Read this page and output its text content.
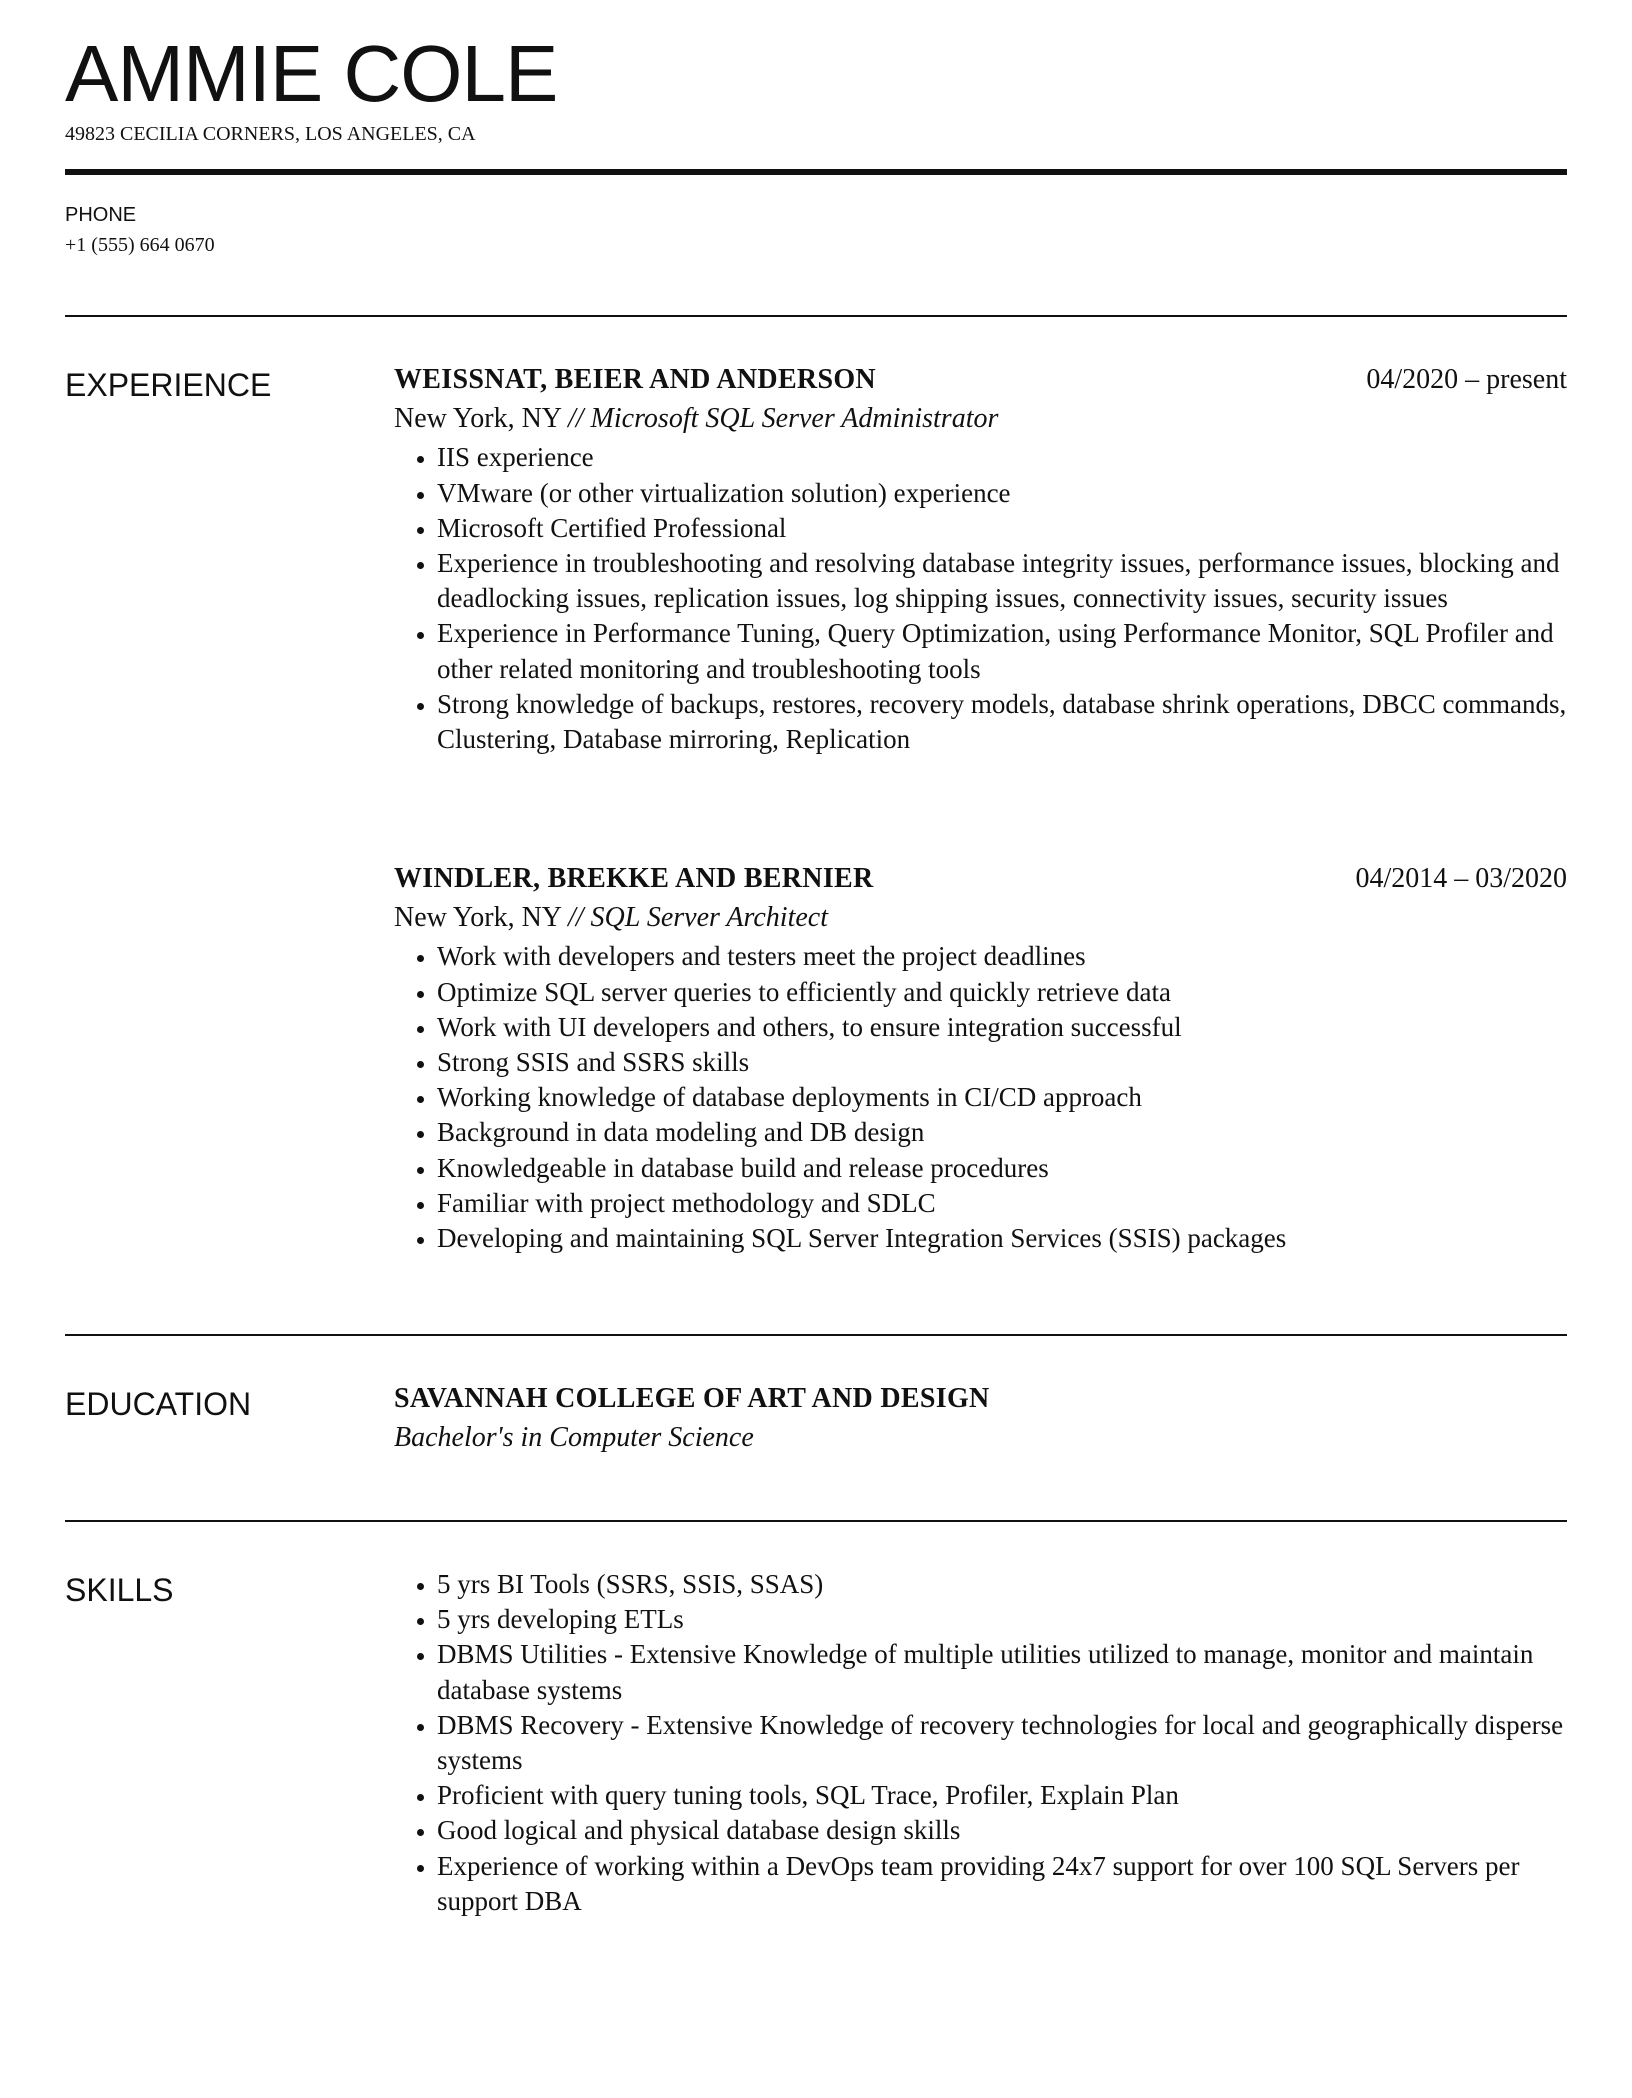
AMMIE COLE
49823 CECILIA CORNERS, LOS ANGELES, CA
PHONE
+1 (555) 664 0670
EXPERIENCE	WEISSNAT, BEIER AND ANDERSON	04/2020 – present
New York, NY // Microsoft SQL Server Administrator
• IIS experience
• VMware (or other virtualization solution) experience
• Microsoft Certified Professional
• Experience in troubleshooting and resolving database integrity issues, performance issues, blocking and deadlocking issues, replication issues, log shipping issues, connectivity issues, security issues
• Experience in Performance Tuning, Query Optimization, using Performance Monitor, SQL Profiler and other related monitoring and troubleshooting tools
• Strong knowledge of backups, restores, recovery models, database shrink operations, DBCC commands, Clustering, Database mirroring, Replication
WINDLER, BREKKE AND BERNIER	04/2014 – 03/2020
New York, NY // SQL Server Architect
• Work with developers and testers meet the project deadlines
• Optimize SQL server queries to efficiently and quickly retrieve data
• Work with UI developers and others, to ensure integration successful
• Strong SSIS and SSRS skills
• Working knowledge of database deployments in CI/CD approach
• Background in data modeling and DB design
• Knowledgeable in database build and release procedures
• Familiar with project methodology and SDLC
• Developing and maintaining SQL Server Integration Services (SSIS) packages
EDUCATION	SAVANNAH COLLEGE OF ART AND DESIGN
Bachelor's in Computer Science
SKILLS
•	5 yrs BI Tools (SSRS, SSIS, SSAS)
• 5 yrs developing ETLs
• DBMS Utilities - Extensive Knowledge of multiple utilities utilized to manage, monitor and maintain database systems
• DBMS Recovery - Extensive Knowledge of recovery technologies for local and geographically disperse systems
• Proficient with query tuning tools, SQL Trace, Profiler, Explain Plan
• Good logical and physical database design skills
• Experience of working within a DevOps team providing 24x7 support for over 100 SQL Servers per support DBA
